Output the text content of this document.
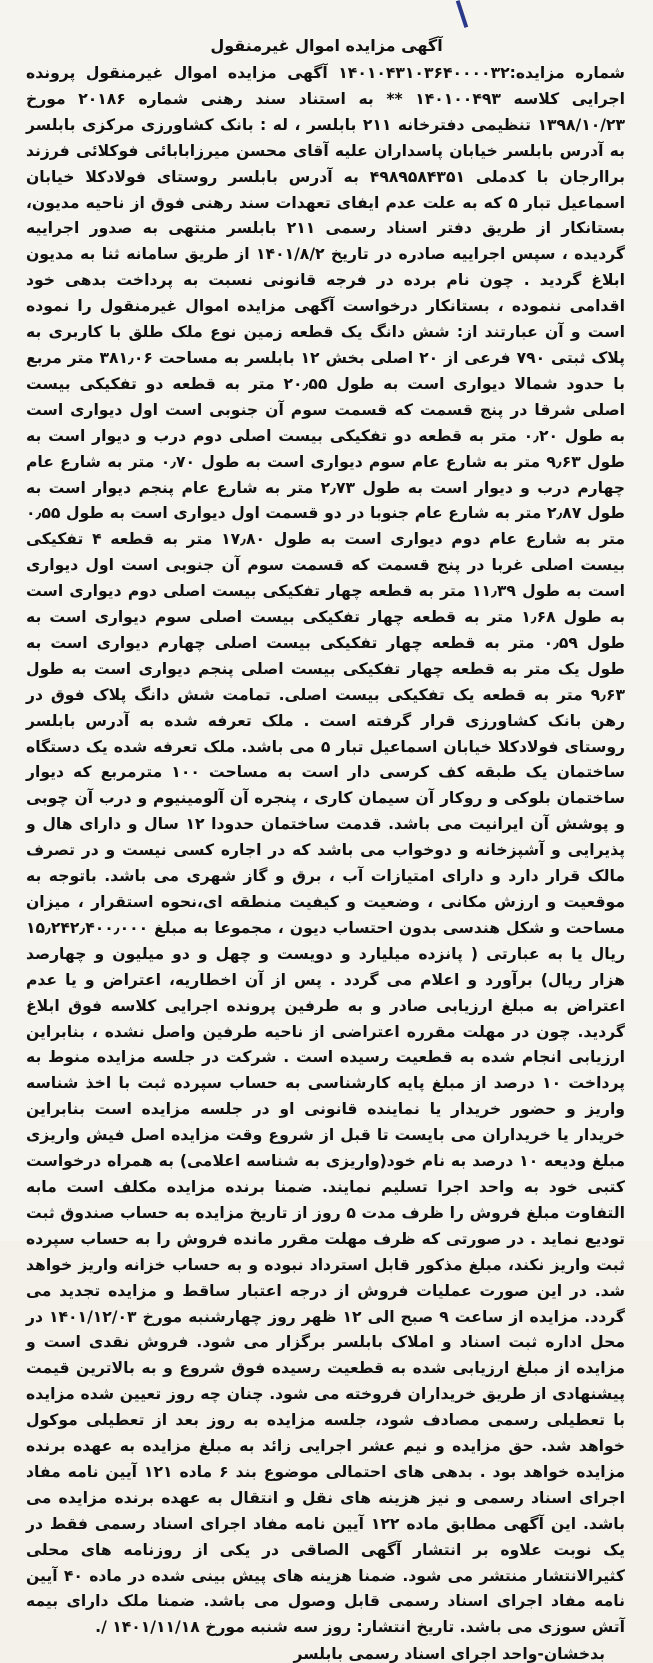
آگهی مزایده اموال غیرمنقول

شماره مزایده:۱۴۰۱۰۴۳۱۰۳۶۴۰۰۰۰۳۲ آگهی مزایده اموال غیرمنقول پرونده اجرایی کلاسه ۱۴۰۱۰۰۴۹۳ ** به استناد سند رهنی شماره ۲۰۱۸۶ مورخ ۱۳۹۸/۱۰/۲۳ تنظیمی دفترخانه ۲۱۱ بابلسر ، له : بانک کشاورزی مرکزی بابلسر به آدرس بابلسر خیابان پاسداران علیه آقای محسن میرزابابائی فوکلائی فرزند براارجان با کدملی ۴۹۸۹۵۸۴۳۵۱ به آدرس بابلسر روستای فولادکلا خیابان اسماعیل تبار ۵ که به علت عدم ایفای تعهدات سند رهنی فوق از ناحیه مدیون، بستانکار از طریق دفتر اسناد رسمی ۲۱۱ بابلسر منتهی به صدور اجراییه گردیده ، سپس اجراییه صادره در تاریخ ۱۴۰۱/۸/۲ از طریق سامانه ثنا به مدیون ابلاغ گردید . چون نام برده در فرجه قانونی نسبت به پرداخت بدهی خود اقدامی ننموده ، بستانکار درخواست آگهی مزایده اموال غیرمنقول را نموده است و آن عبارتند از: شش دانگ یک قطعه زمین نوع ملک طلق با کاربری به پلاک ثبتی ۷۹۰ فرعی از ۲۰ اصلی بخش ۱۲ بابلسر به مساحت ۳۸۱٫۰۶ متر مربع با حدود شمالا دیواری است به طول ۲۰٫۵۵ متر به قطعه دو تفکیکی بیست اصلی شرقا در پنج قسمت که قسمت سوم آن جنوبی است اول دیواری است به طول ۰٫۲۰ متر به قطعه دو تفکیکی بیست اصلی دوم درب و دیوار است به طول ۹٫۶۳ متر به شارع عام سوم دیواری است به طول ۰٫۷۰ متر به شارع عام چهارم درب و دیوار است به طول ۲٫۷۳ متر به شارع عام پنجم دیوار است به طول ۲٫۸۷ متر به شارع عام جنوبا در دو قسمت اول دیواری است به طول ۰٫۵۵ متر به شارع عام دوم دیواری است به طول ۱۷٫۸۰ متر به قطعه ۴ تفکیکی بیست اصلی غربا در پنج قسمت که قسمت سوم آن جنوبی است اول دیواری است به طول ۱۱٫۳۹ متر به قطعه چهار تفکیکی بیست اصلی دوم دیواری است به طول ۱٫۶۸ متر به قطعه چهار تفکیکی بیست اصلی سوم دیواری است به طول ۰٫۵۹ متر به قطعه چهار تفکیکی بیست اصلی چهارم دیواری است به طول یک متر به قطعه چهار تفکیکی بیست اصلی پنجم دیواری است به طول ۹٫۶۳ متر به قطعه یک تفکیکی بیست اصلی. تمامت شش دانگ پلاک فوق در رهن بانک کشاورزی قرار گرفته است . ملک تعرفه شده به آدرس بابلسر روستای فولادکلا خیابان اسماعیل تبار ۵ می باشد. ملک تعرفه شده یک دستگاه ساختمان یک طبقه کف کرسی دار است به مساحت ۱۰۰ مترمربع که دیوار ساختمان بلوکی و روکار آن سیمان کاری ، پنجره آن آلومینیوم و درب آن چوبی و پوشش آن ایرانیت می باشد. قدمت ساختمان حدودا ۱۲ سال و دارای هال و پذیرایی و آشپزخانه و دوخواب می باشد که در اجاره کسی نیست و در تصرف مالک قرار دارد و دارای امتیازات آب ، برق و گاز شهری می باشد. باتوجه به موقعیت و ارزش مکانی ، وضعیت و کیفیت منطقه ای،نحوه استقرار ، میزان مساحت و شکل هندسی بدون احتساب دیون ، مجموعا به مبلغ ۱۵٫۲۴۲٫۴۰۰٫۰۰۰ ریال یا به عبارتی ( پانزده میلیارد و دویست و چهل و دو میلیون و چهارصد هزار ریال) برآورد و اعلام می گردد . پس از آن اخطاریه، اعتراض و یا عدم اعتراض به مبلغ ارزیابی صادر و به طرفین پرونده اجرایی کلاسه فوق ابلاغ گردید. چون در مهلت مقرره اعتراضی از ناحیه طرفین واصل نشده ، بنابراین ارزیابی انجام شده به قطعیت رسیده است . شرکت در جلسه مزایده منوط به پرداخت ۱۰ درصد از مبلغ پایه کارشناسی به حساب سپرده ثبت با اخذ شناسه واریز و حضور خریدار یا نماینده قانونی او در جلسه مزایده است بنابراین خریدار یا خریداران می بایست تا قبل از شروع وقت مزایده اصل فیش واریزی مبلغ ودیعه ۱۰ درصد به نام خود(واریزی به شناسه اعلامی) به همراه درخواست کتبی خود به واحد اجرا تسلیم نمایند. ضمنا برنده مزایده مکلف است مابه التفاوت مبلغ فروش را ظرف مدت ۵ روز از تاریخ مزایده به حساب صندوق ثبت تودیع نماید . در صورتی که ظرف مهلت مقرر مانده فروش را به حساب سپرده ثبت واریز نکند، مبلغ مذکور قابل استرداد نبوده و به حساب خزانه واریز خواهد شد. در این صورت عملیات فروش از درجه اعتبار ساقط و مزایده تجدید می گردد. مزایده از ساعت ۹ صبح الی ۱۲ ظهر روز چهارشنبه مورخ ۱۴۰۱/۱۲/۰۳ در محل اداره ثبت اسناد و املاک بابلسر برگزار می شود. فروش نقدی است و مزایده از مبلغ ارزیابی شده به قطعیت رسیده فوق شروع و به بالاترین قیمت پیشنهادی از طریق خریداران فروخته می شود. چنان چه روز تعیین شده مزایده با تعطیلی رسمی مصادف شود، جلسه مزایده به روز بعد از تعطیلی موکول خواهد شد. حق مزایده و نیم عشر اجرایی زائد به مبلغ مزایده به عهده برنده مزایده خواهد بود . بدهی های احتمالی موضوع بند ۶ ماده ۱۲۱ آیین نامه مفاد اجرای اسناد رسمی و نیز هزینه های نقل و انتقال به عهده برنده مزایده می باشد. این آگهی مطابق ماده ۱۲۲ آیین نامه مفاد اجرای اسناد رسمی فقط در یک نوبت علاوه بر انتشار آگهی الصاقی در یکی از روزنامه های محلی کثیرالانتشار منتشر می شود. ضمنا هزینه های پیش بینی شده در ماده ۴۰ آیین نامه مفاد اجرای اسناد رسمی قابل وصول می باشد. ضمنا ملک دارای بیمه آتش سوزی می باشد. تاریخ انتشار: روز سه شنبه مورخ ۱۴۰۱/۱۱/۱۸ /.

بدخشان-واحد اجرای اسناد رسمی بابلسر
